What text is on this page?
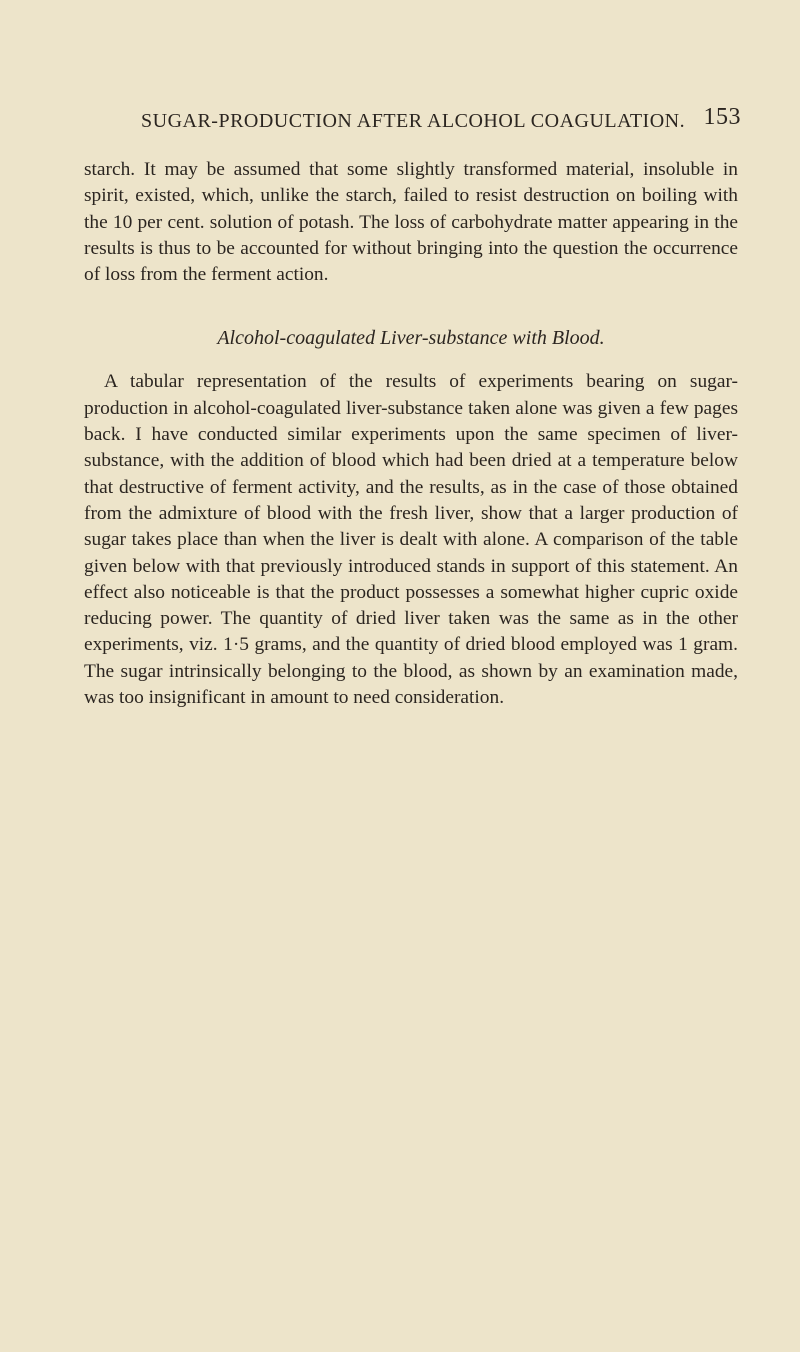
SUGAR-PRODUCTION AFTER ALCOHOL COAGULATION. 153

starch. It may be assumed that some slightly transformed material, insoluble in spirit, existed, which, unlike the starch, failed to resist destruction on boiling with the 10 per cent. solution of potash. The loss of carbohydrate matter appearing in the results is thus to be accounted for without bringing into the question the occurrence of loss from the ferment action.

Alcohol-coagulated Liver-substance with Blood.

A tabular representation of the results of experiments bearing on sugar-production in alcohol-coagulated liver-substance taken alone was given a few pages back. I have conducted similar experiments upon the same specimen of liver-substance, with the addition of blood which had been dried at a temperature below that destructive of ferment activity, and the results, as in the case of those obtained from the admixture of blood with the fresh liver, show that a larger production of sugar takes place than when the liver is dealt with alone. A comparison of the table given below with that previously introduced stands in support of this statement. An effect also noticeable is that the product possesses a somewhat higher cupric oxide reducing power. The quantity of dried liver taken was the same as in the other experiments, viz. 1·5 grams, and the quantity of dried blood employed was 1 gram. The sugar intrinsically belonging to the blood, as shown by an examination made, was too insignificant in amount to need consideration.
